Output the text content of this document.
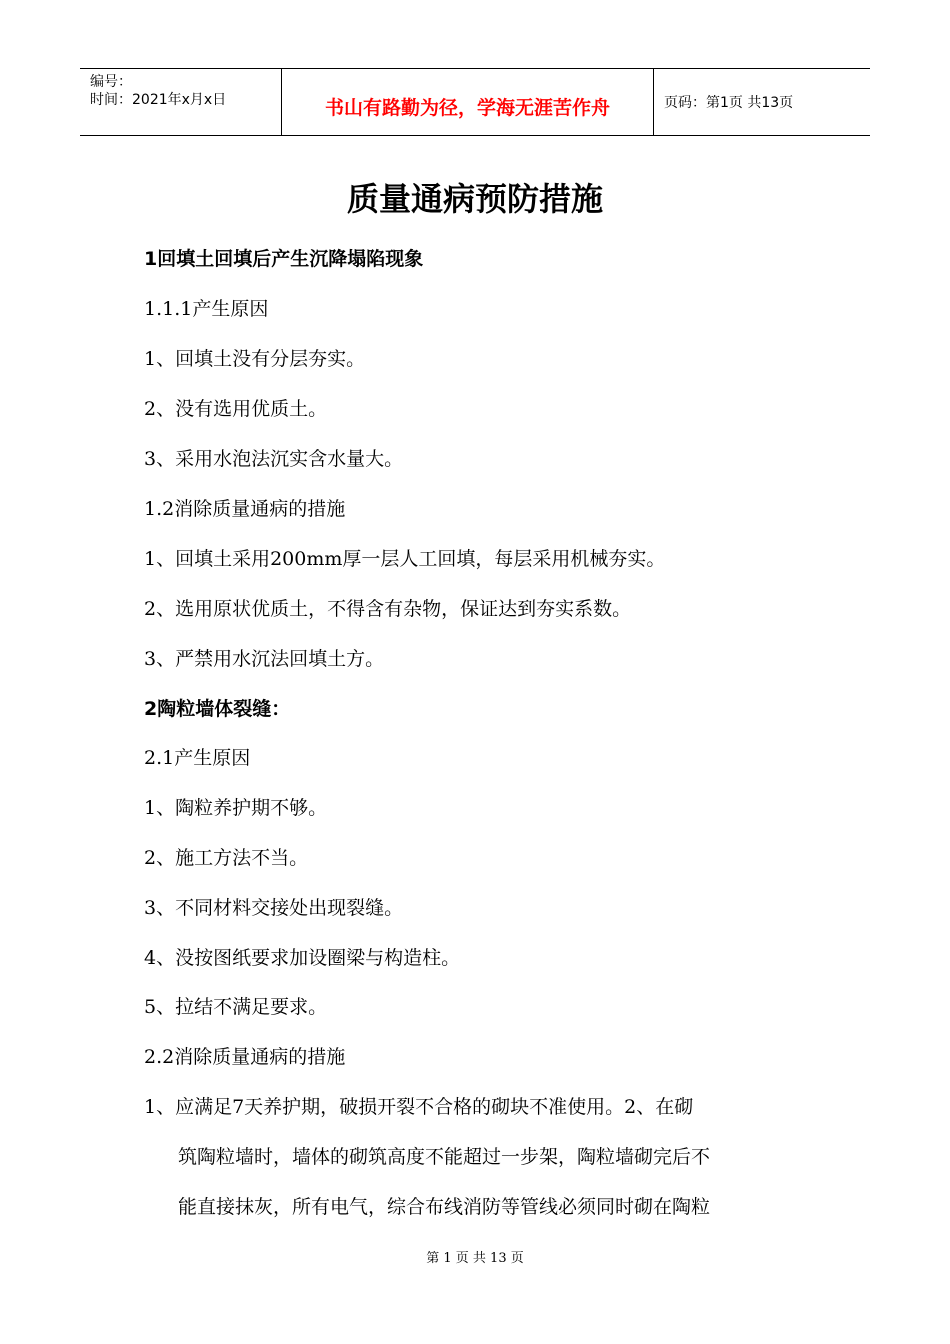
编号：
时间：2021年x月x日	书山有路勤为径，学海无涯苦作舟	页码：第1页 共13页
质量通病预防措施
1回填土回填后产生沉降塌陷现象
1.1.1产生原因
1、回填土没有分层夯实。
2、没有选用优质土。
3、采用水泡法沉实含水量大。
1.2消除质量通病的措施
1、回填土采用200mm厚一层人工回填，每层采用机械夯实。
2、选用原状优质土，不得含有杂物，保证达到夯实系数。
3、严禁用水沉法回填土方。
2陶粒墙体裂缝：
2.1产生原因
1、陶粒养护期不够。
2、施工方法不当。
3、不同材料交接处出现裂缝。
4、没按图纸要求加设圈梁与构造柱。
5、拉结不满足要求。
2.2消除质量通病的措施
1、应满足7天养护期，破损开裂不合格的砌块不准使用。2、在砌
筑陶粒墙时，墙体的砌筑高度不能超过一步架，陶粒墙砌完后不
能直接抹灰，所有电气，综合布线消防等管线必须同时砌在陶粒
第 1 页 共 13 页
